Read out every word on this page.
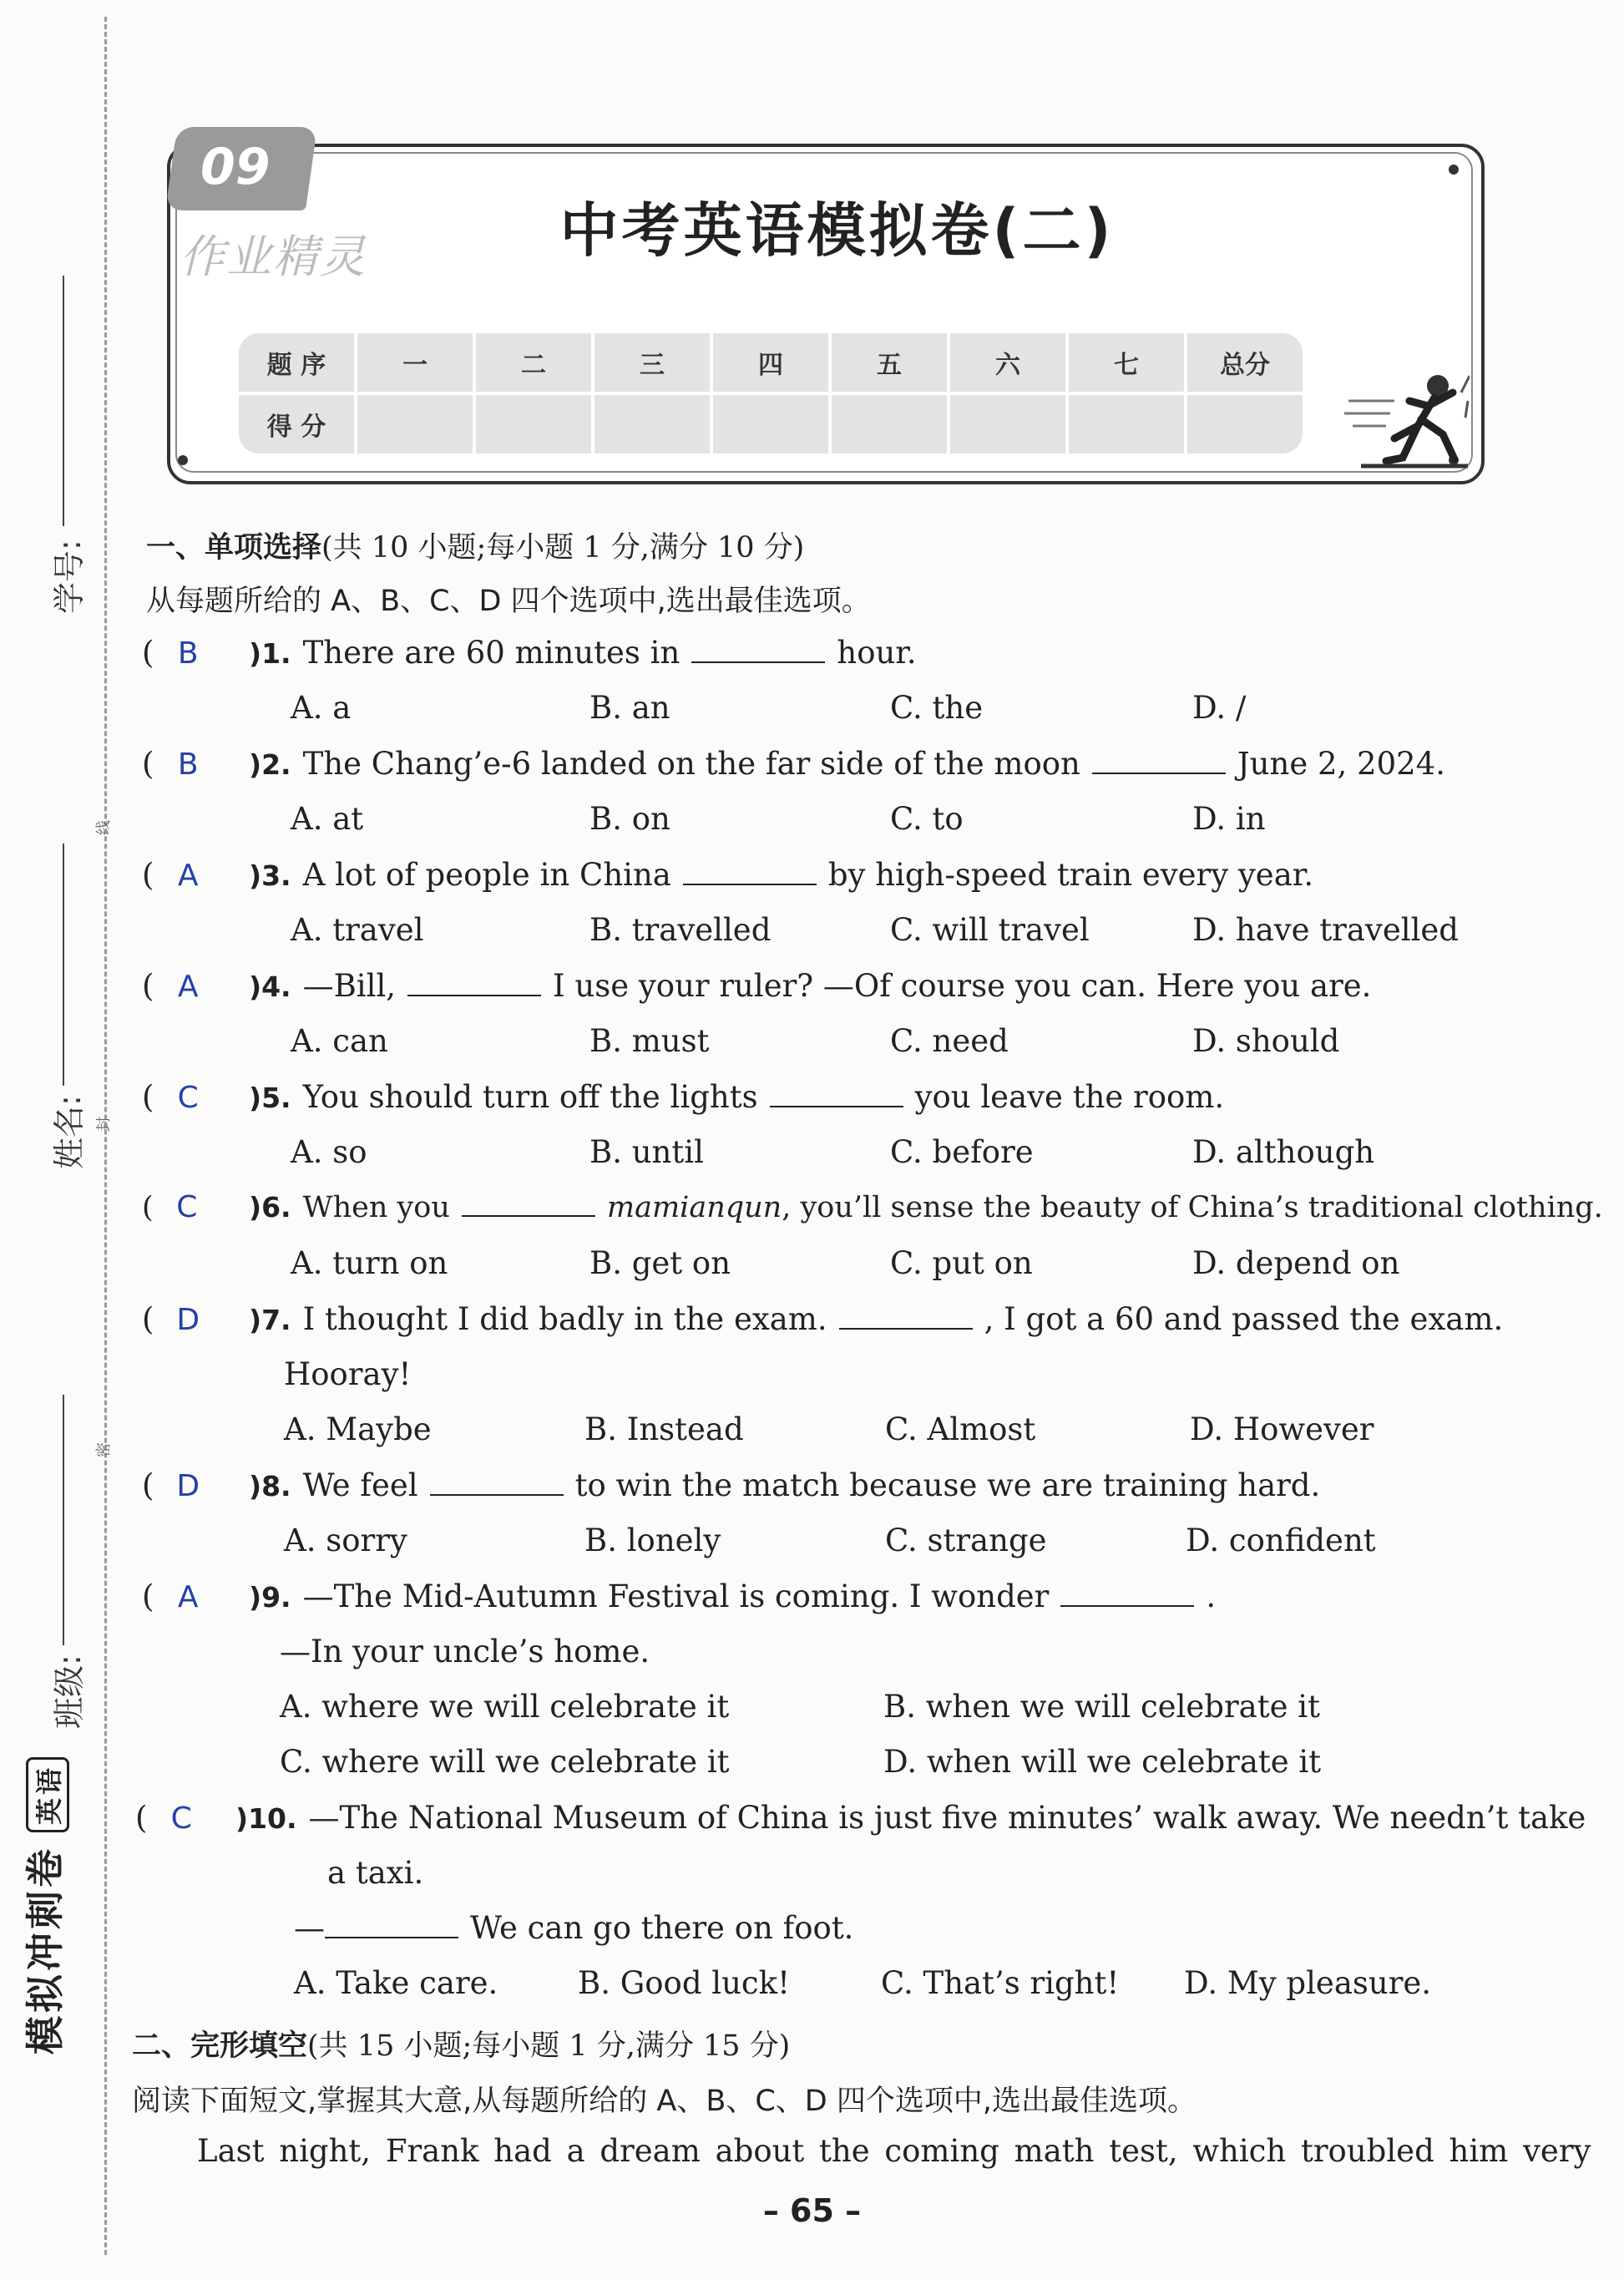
学号:
线
姓名: 封
班级:
密
模拟冲刺卷英语
09
作业精灵	中考英语模拟卷(二)
题 序	一	二	三	四	五	六	七	总分
得 分								
一、单项选择(共 10 小题;每小题 1 分,满分 10 分)
从每题所给的 A、B、C、D 四个选项中,选出最佳选项。
( B )1. There are 60 minutes in	hour.
A. a	B. an	C. the	D. /
( B )2. The Chang’e-6 landed on the far side of the moon	June 2, 2024.
A. at	B. on	C. to	D. in
( A )3. A lot of people in China	by high-speed train every year.
A. travel	B. travelled	C. will travel	D. have travelled
( A )4. —Bill,	I use your ruler? —Of course you can. Here you are.
A. can	B. must	C. need	D. should
( C )5. You should turn off the lights	you leave the room.
A. so	B. until	C. before	D. although
( C )6. When you	mamianqun, you’ll sense the beauty of China’s traditional clothing.
A. turn on	B. get on	C. put on	D. depend on
( D )7. I thought I did badly in the exam.	, I got a 60 and passed the exam.
Hooray!
A. Maybe	B. Instead	C. Almost	D. However
( D )8. We feel	to win the match because we are training hard.
A. sorry	B. lonely	C. strange	D. confident
( A )9. —The Mid-Autumn Festival is coming. I wonder	.
—In your uncle’s home.
A. where we will celebrate it	B. when we will celebrate it
C. where will we celebrate it	D. when will we celebrate it
( C )10. —The National Museum of China is just five minutes’ walk away. We needn’t take
a taxi.
—	We can go there on foot.
A. Take care.	B. Good luck!	C. That’s right! D. My pleasure.
二、完形填空(共 15 小题;每小题 1 分,满分 15 分)
阅读下面短文,掌握其大意,从每题所给的 A、B、C、D 四个选项中,选出最佳选项。
Last night, Frank had a dream about the coming math test, which troubled him very
– 65 –
